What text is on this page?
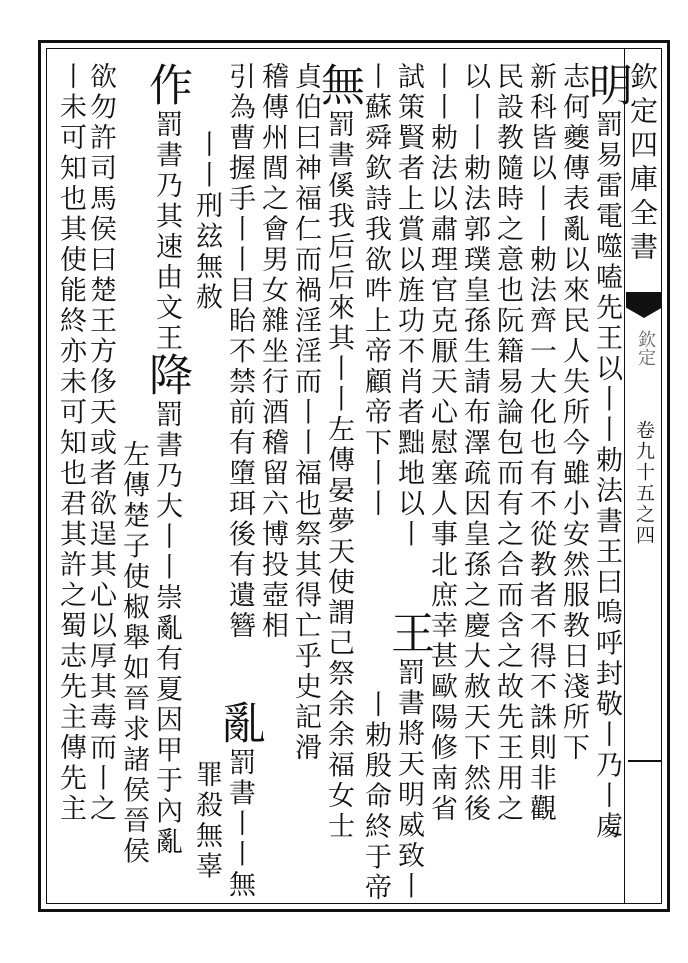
欽定四庫全書
欽定
卷九十五之四
明罰易雷電噬嗑先王以丨丨勅法書王曰嗚呼封敬丨乃丨䖏
志何夔傳表亂以來民人失所今雖小安然服教日淺所下
新科皆以丨丨勅法齊一大化也有不從教者不得不誅則非觀
民設教隨時之意也阮籍易論包而有之合而含之故先王用之
以丨丨勅法郭璞皇孫生請布澤疏因皇孫之慶大赦天下然後
丨丨勅法以肅理官克厭天心慰塞人事北庶幸甚歐陽修南省
試策賢者上賞以旌功不肖者黜地以丨
王罰書將天明威致丨
丨勅殷命終于帝
無罰書傒我后后來其丨丨左傳晏夢天使謂己祭余余福女士 丨蘇舜欽詩我欲吽上帝顧帝下丨丨
貞伯曰神福仁而禍淫淫而丨丨福也祭其得亡乎史記滑
稽傳州閭之會男女雜坐行酒稽留六博投壺相
引為曹握手丨丨目眙不禁前有墮珥後有遺簪
亂罰書丨丨無
罪殺無辜
作罰書乃其速由文王 丨丨刑玆無赦
降罰書乃大丨丨崇亂有夏因甲于內亂
左傳楚子使椒舉如晉求諸侯晉侯
欲勿許司馬侯曰楚王方侈天或者欲逞其心以厚其毒而丨之
丨未可知也其使能終亦未可知也君其許之蜀志先主傳先主
